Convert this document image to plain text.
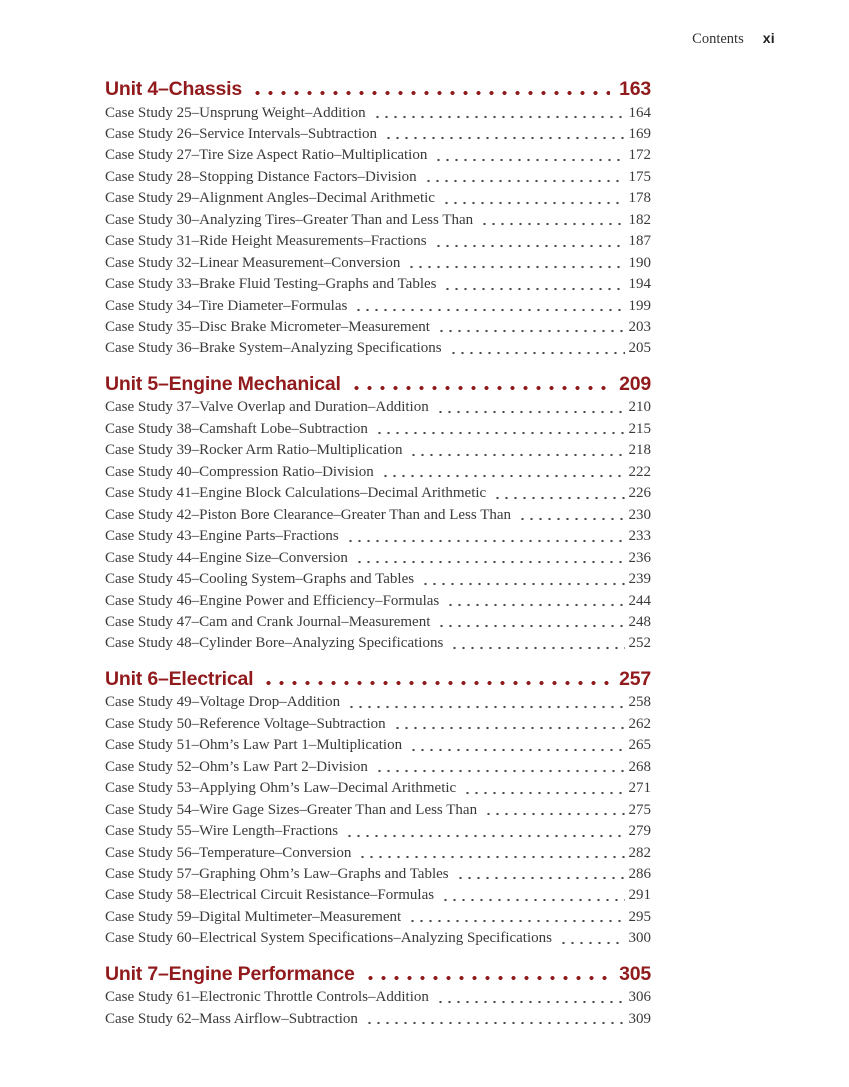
Contents xi
Unit 4–Chassis	163
Case Study 25–Unsprung Weight–Addition	164
Case Study 26–Service Intervals–Subtraction	169
Case Study 27–Tire Size Aspect Ratio–Multiplication	172
Case Study 28–Stopping Distance Factors–Division	175
Case Study 29–Alignment Angles–Decimal Arithmetic	178
Case Study 30–Analyzing Tires–Greater Than and Less Than	182
Case Study 31–Ride Height Measurements–Fractions	187
Case Study 32–Linear Measurement–Conversion	190
Case Study 33–Brake Fluid Testing–Graphs and Tables	194
Case Study 34–Tire Diameter–Formulas	199
Case Study 35–Disc Brake Micrometer–Measurement	203
Case Study 36–Brake System–Analyzing Specifications	205
Unit 5–Engine Mechanical	209
Case Study 37–Valve Overlap and Duration–Addition	210
Case Study 38–Camshaft Lobe–Subtraction	215
Case Study 39–Rocker Arm Ratio–Multiplication	218
Case Study 40–Compression Ratio–Division	222
Case Study 41–Engine Block Calculations–Decimal Arithmetic	226
Case Study 42–Piston Bore Clearance–Greater Than and Less Than	230
Case Study 43–Engine Parts–Fractions	233
Case Study 44–Engine Size–Conversion	236
Case Study 45–Cooling System–Graphs and Tables	239
Case Study 46–Engine Power and Efficiency–Formulas	244
Case Study 47–Cam and Crank Journal–Measurement	248
Case Study 48–Cylinder Bore–Analyzing Specifications	252
Unit 6–Electrical	257
Case Study 49–Voltage Drop–Addition	258
Case Study 50–Reference Voltage–Subtraction	262
Case Study 51–Ohm’s Law Part 1–Multiplication	265
Case Study 52–Ohm’s Law Part 2–Division	268
Case Study 53–Applying Ohm’s Law–Decimal Arithmetic	271
Case Study 54–Wire Gage Sizes–Greater Than and Less Than	275
Case Study 55–Wire Length–Fractions	279
Case Study 56–Temperature–Conversion	282
Case Study 57–Graphing Ohm’s Law–Graphs and Tables	286
Case Study 58–Electrical Circuit Resistance–Formulas	291
Case Study 59–Digital Multimeter–Measurement	295
Case Study 60–Electrical System Specifications–Analyzing Specifications	300
Unit 7–Engine Performance	305
Case Study 61–Electronic Throttle Controls–Addition	306
Case Study 62–Mass Airflow–Subtraction	309
